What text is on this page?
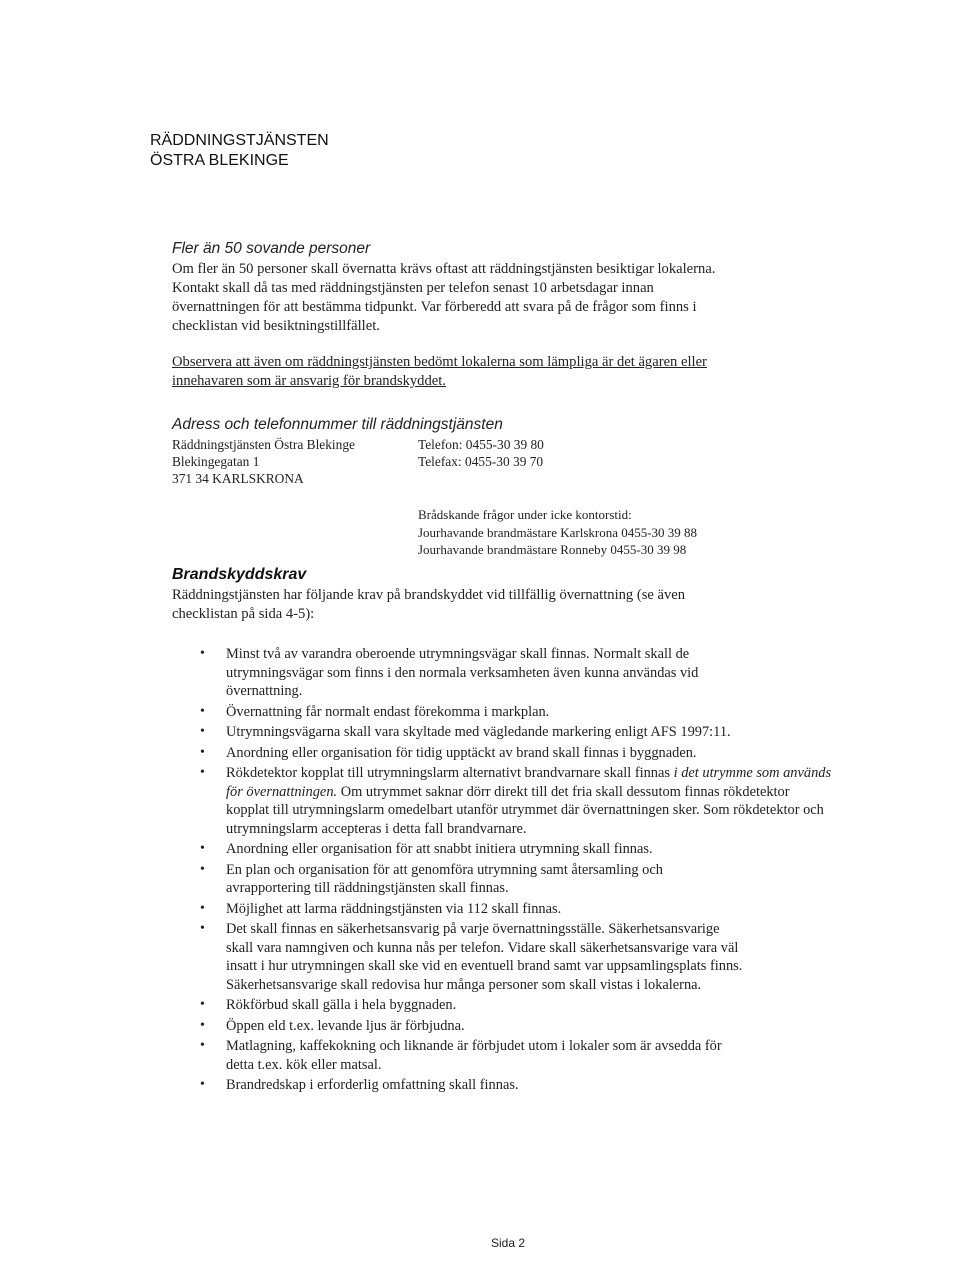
RÄDDNINGSTJÄNSTEN
ÖSTRA BLEKINGE
Fler än 50 sovande personer

Om fler än 50 personer skall övernatta krävs oftast att räddningstjänsten besiktigar lokalerna.
Kontakt skall då tas med räddningstjänsten per telefon senast 10 arbetsdagar innan
övernattningen för att bestämma tidpunkt. Var förberedd att svara på de frågor som finns i
checklistan vid besiktningstillfället.

Observera att även om räddningstjänsten bedömt lokalerna som lämpliga är det ägaren eller
innehavaren som är ansvarig för brandskyddet.

Adress och telefonnummer till räddningstjänsten
Räddningstjänsten Östra Blekinge
Blekingegatan 1
371 34 KARLSKRONA
Telefon: 0455-30 39 80
Telefax: 0455-30 39 70
Brådskande frågor under icke kontorstid:
Jourhavande brandmästare Karlskrona 0455-30 39 88
Jourhavande brandmästare Ronneby 0455-30 39 98
Brandskyddskrav

Räddningstjänsten har följande krav på brandskyddet vid tillfällig övernattning (se även
checklistan på sida 4-5):

• Minst två av varandra oberoende utrymningsvägar skall finnas. Normalt skall de
utrymningsvägar som finns i den normala verksamheten även kunna användas vid
övernattning.
• Övernattning får normalt endast förekomma i markplan.
• Utrymningsvägarna skall vara skyltade med vägledande markering enligt AFS 1997:11.
• Anordning eller organisation för tidig upptäckt av brand skall finnas i byggnaden.
• Rökdetektor kopplat till utrymningslarm alternativt brandvarnare skall finnas i det utrymme som används för övernattningen. Om utrymmet saknar dörr direkt till det fria skall dessutom finnas rökdetektor kopplat till utrymningslarm omedelbart utanför utrymmet där övernattningen sker. Som rökdetektor och utrymningslarm accepteras i detta fall brandvarnare.
• Anordning eller organisation för att snabbt initiera utrymning skall finnas.
• En plan och organisation för att genomföra utrymning samt återsamling och
avrapportering till räddningstjänsten skall finnas.
• Möjlighet att larma räddningstjänsten via 112 skall finnas.
• Det skall finnas en säkerhetsansvarig på varje övernattningsställe. Säkerhetsansvarige
skall vara namngiven och kunna nås per telefon. Vidare skall säkerhetsansvarige vara väl
insatt i hur utrymningen skall ske vid en eventuell brand samt var uppsamlingsplats finns.
Säkerhetsansvarige skall redovisa hur många personer som skall vistas i lokalerna.
• Rökförbud skall gälla i hela byggnaden.
• Öppen eld t.ex. levande ljus är förbjudna.
• Matlagning, kaffekokning och liknande är förbjudet utom i lokaler som är avsedda för
detta t.ex. kök eller matsal.
• Brandredskap i erforderlig omfattning skall finnas.
Sida 2
